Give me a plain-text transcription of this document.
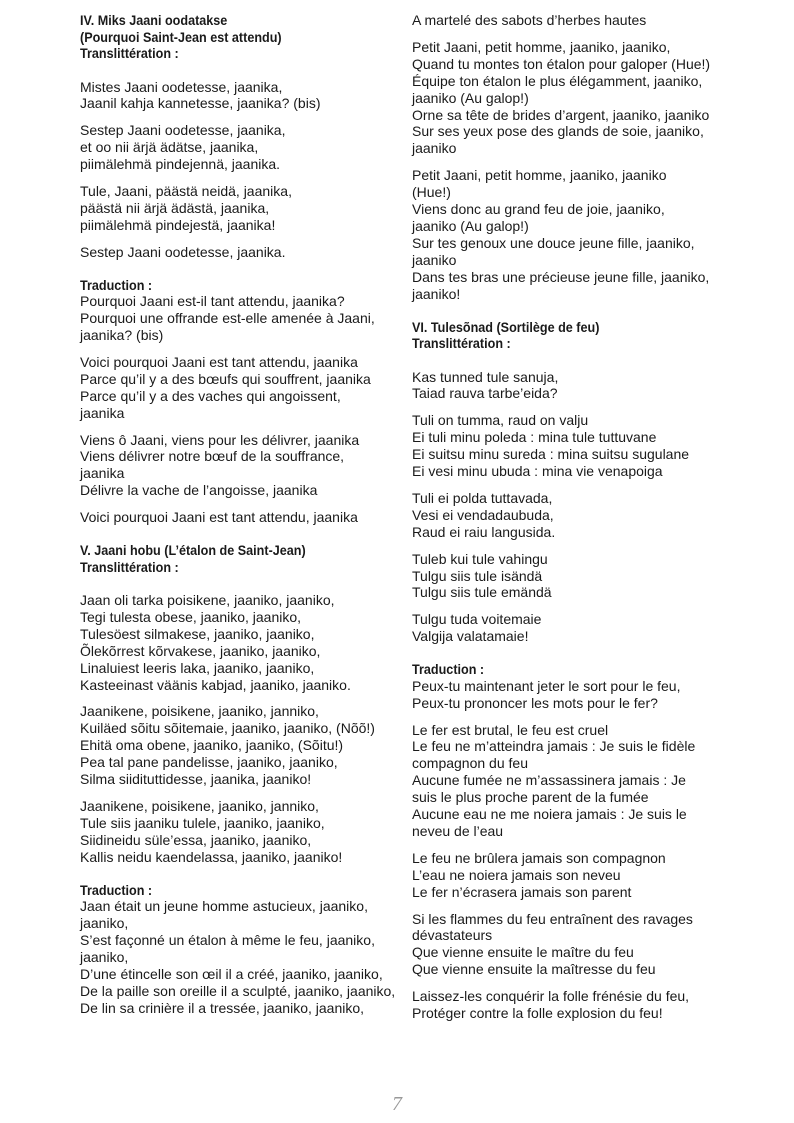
IV. Miks Jaani oodatakse
(Pourquoi Saint-Jean est attendu)
Translittération :

Mistes Jaani oodetesse, jaanika,
Jaanil kahja kannetesse, jaanika? (bis)

Sestep Jaani oodetesse, jaanika,
et oo nii ärjä ädätse, jaanika,
piimälehmä pindejennä, jaanika.

Tule, Jaani, päästä neidä, jaanika,
päästä nii ärjä ädästä, jaanika,
piimälehmä pindejestä, jaanika!

Sestep Jaani oodetesse, jaanika.

Traduction :

Pourquoi Jaani est-il tant attendu, jaanika?
Pourquoi une offrande est-elle amenée à Jaani,
jaanika? (bis)

Voici pourquoi Jaani est tant attendu, jaanika
Parce qu’il y a des bœufs qui souffrent, jaanika
Parce qu’il y a des vaches qui angoissent,
jaanika

Viens ô Jaani, viens pour les délivrer, jaanika
Viens délivrer notre bœuf de la souffrance,
jaanika
Délivre la vache de l’angoisse, jaanika

Voici pourquoi Jaani est tant attendu, jaanika

V. Jaani hobu (L’étalon de Saint-Jean)
Translittération :

Jaan oli tarka poisikene, jaaniko, jaaniko,
Tegi tulesta obese, jaaniko, jaaniko,
Tulesöest silmakese, jaaniko, jaaniko,
Õlekõrrest kõrvakese, jaaniko, jaaniko,
Linaluiest leeris laka, jaaniko, jaaniko,
Kasteeinast väänis kabjad, jaaniko, jaaniko.

Jaanikene, poisikene, jaaniko, janniko,
Kuiläed sõitu sõitemaie, jaaniko, jaaniko, (Nõõ!)
Ehitä oma obene, jaaniko, jaaniko, (Sõitu!)
Pea tal pane pandelisse, jaaniko, jaaniko,
Silma siidituttidesse, jaanika, jaaniko!

Jaanikene, poisikene, jaaniko, janniko,
Tule siis jaaniku tulele, jaaniko, jaaniko,
Siidineidu süle’essa, jaaniko, jaaniko,
Kallis neidu kaendelassa, jaaniko, jaaniko!

Traduction :

Jaan était un jeune homme astucieux, jaaniko,
jaaniko,
S’est façonné un étalon à même le feu, jaaniko,
jaaniko,
D’une étincelle son œil il a créé, jaaniko, jaaniko,
De la paille son oreille il a sculpté, jaaniko, jaaniko,
De lin sa crinière il a tressée, jaaniko, jaaniko,

A martelé des sabots d’herbes hautes

Petit Jaani, petit homme, jaaniko, jaaniko,
Quand tu montes ton étalon pour galoper (Hue!)
Équipe ton étalon le plus élégamment, jaaniko,
jaaniko (Au galop!)
Orne sa tête de brides d’argent, jaaniko, jaaniko
Sur ses yeux pose des glands de soie, jaaniko,
jaaniko

Petit Jaani, petit homme, jaaniko, jaaniko
(Hue!)
Viens donc au grand feu de joie, jaaniko,
jaaniko (Au galop!)
Sur tes genoux une douce jeune fille, jaaniko,
jaaniko
Dans tes bras une précieuse jeune fille, jaaniko,
jaaniko!

VI. Tulesõnad (Sortilège de feu)
Translittération :

Kas tunned tule sanuja,
Taiad rauva tarbe’eida?

Tuli on tumma, raud on valju
Ei tuli minu poleda : mina tule tuttuvane
Ei suitsu minu sureda : mina suitsu sugulane
Ei vesi minu ubuda : mina vie venapoiga

Tuli ei polda tuttavada,
Vesi ei vendadaubuda,
Raud ei raiu langusida.

Tuleb kui tule vahingu
Tulgu siis tule isändä
Tulgu siis tule emändä

Tulgu tuda voitemaie
Valgija valatamaie!

Traduction :

Peux-tu maintenant jeter le sort pour le feu,
Peux-tu prononcer les mots pour le fer?

Le fer est brutal, le feu est cruel
Le feu ne m’atteindra jamais : Je suis le fidèle
compagnon du feu
Aucune fumée ne m’assassinera jamais : Je
suis le plus proche parent de la fumée
Aucune eau ne me noiera jamais : Je suis le
neveu de l’eau

Le feu ne brûlera jamais son compagnon
L’eau ne noiera jamais son neveu
Le fer n’écrasera jamais son parent

Si les flammes du feu entraînent des ravages
dévastateurs
Que vienne ensuite le maître du feu
Que vienne ensuite la maîtresse du feu

Laissez-les conquérir la folle frénésie du feu,
Protéger contre la folle explosion du feu!

7
